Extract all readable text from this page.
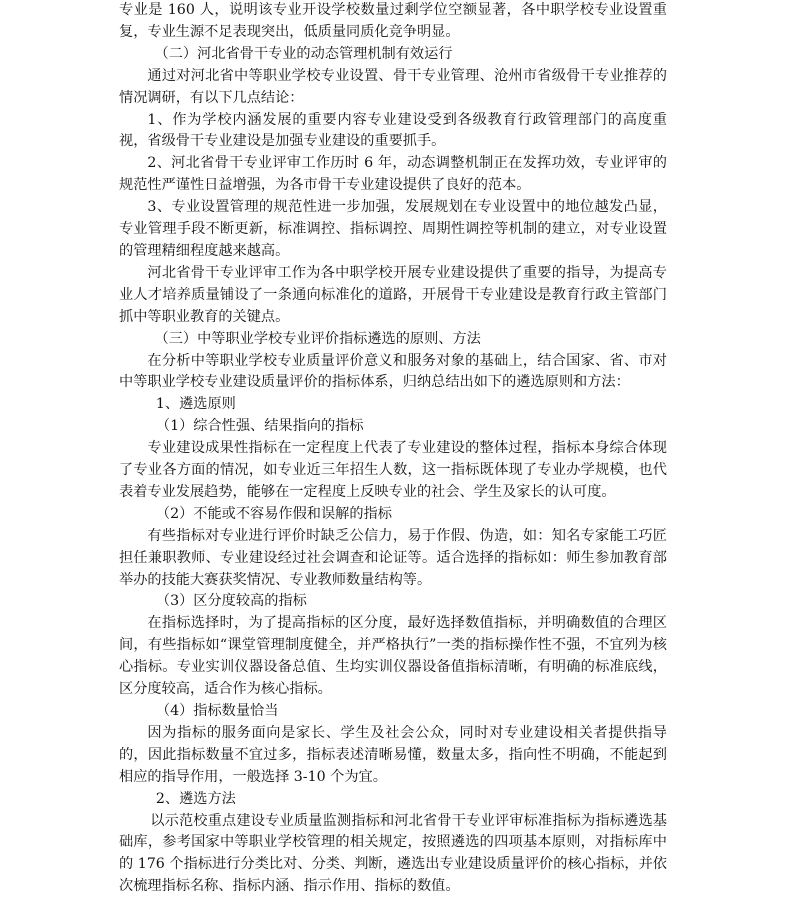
专业是 160 人，说明该专业开设学校数量过剩学位空额显著，各中职学校专业设置重复，专业生源不足表现突出，低质量同质化竞争明显。

（二）河北省骨干专业的动态管理机制有效运行

通过对河北省中等职业学校专业设置、骨干专业管理、沧州市省级骨干专业推荐的情况调研，有以下几点结论：

1、作为学校内涵发展的重要内容专业建设受到各级教育行政管理部门的高度重视，省级骨干专业建设是加强专业建设的重要抓手。

2、河北省骨干专业评审工作历时 6 年，动态调整机制正在发挥功效，专业评审的规范性严谨性日益增强，为各市骨干专业建设提供了良好的范本。

3、专业设置管理的规范性进一步加强，发展规划在专业设置中的地位越发凸显，专业管理手段不断更新，标准调控、指标调控、周期性调控等机制的建立，对专业设置的管理精细程度越来越高。

河北省骨干专业评审工作为各中职学校开展专业建设提供了重要的指导，为提高专业人才培养质量铺设了一条通向标准化的道路，开展骨干专业建设是教育行政主管部门抓中等职业教育的关键点。

（三）中等职业学校专业评价指标遴选的原则、方法

在分析中等职业学校专业质量评价意义和服务对象的基础上，结合国家、省、市对中等职业学校专业建设质量评价的指标体系，归纳总结出如下的遴选原则和方法：

1、遴选原则

（1）综合性强、结果指向的指标

专业建设成果性指标在一定程度上代表了专业建设的整体过程，指标本身综合体现了专业各方面的情况，如专业近三年招生人数，这一指标既体现了专业办学规模，也代表着专业发展趋势，能够在一定程度上反映专业的社会、学生及家长的认可度。

（2）不能或不容易作假和误解的指标

有些指标对专业进行评价时缺乏公信力，易于作假、伪造，如：知名专家能工巧匠担任兼职教师、专业建设经过社会调查和论证等。适合选择的指标如：师生参加教育部举办的技能大赛获奖情况、专业教师数量结构等。

（3）区分度较高的指标

在指标选择时，为了提高指标的区分度，最好选择数值指标，并明确数值的合理区间，有些指标如“课堂管理制度健全，并严格执行”一类的指标操作性不强，不宜列为核心指标。专业实训仪器设备总值、生均实训仪器设备值指标清晰，有明确的标准底线，区分度较高，适合作为核心指标。

（4）指标数量恰当

因为指标的服务面向是家长、学生及社会公众，同时对专业建设相关者提供指导的，因此指标数量不宜过多，指标表述清晰易懂，数量太多，指向性不明确，不能起到相应的指导作用，一般选择 3-10 个为宜。

2、遴选方法

以示范校重点建设专业质量监测指标和河北省骨干专业评审标准指标为指标遴选基础库，参考国家中等职业学校管理的相关规定，按照遴选的四项基本原则，对指标库中的 176 个指标进行分类比对、分类、判断，遴选出专业建设质量评价的核心指标，并依次梳理指标名称、指标内涵、指示作用、指标的数值。
